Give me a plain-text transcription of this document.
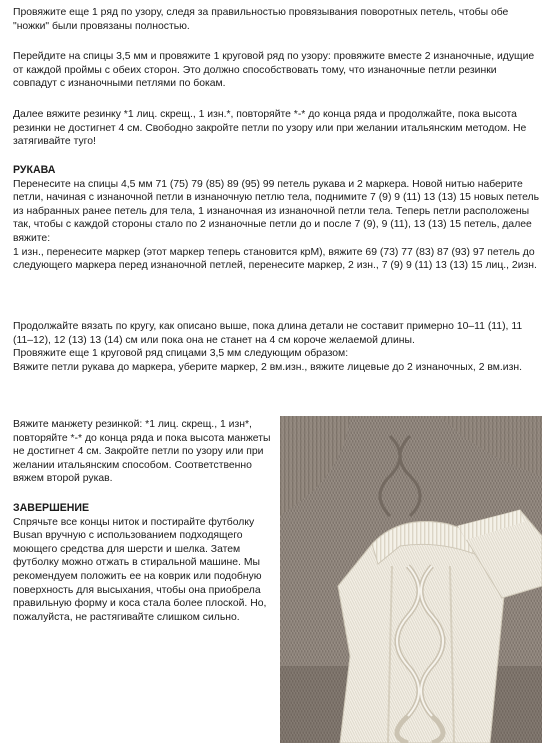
Провяжите еще 1 ряд по узору, следя за правильностью провязывания поворотных петель, чтобы обе "ножки" были провязаны полностью.

Перейдите на спицы 3,5 мм и провяжите 1 круговой ряд по узору: провяжите вместе 2 изнаночные, идущие от каждой проймы с обеих сторон. Это должно способствовать тому, что изнаночные петли резинки совпадут с изнаночными петлями по бокам.

Далее вяжите резинку *1 лиц. скрещ., 1 изн.*, повторяйте *-* до конца ряда и продолжайте, пока высота резинки не достигнет 4 см. Свободно закройте петли по узору или при желании итальянским методом. Не затягивайте туго!

РУКАВА

Перенесите на спицы 4,5 мм 71 (75) 79 (85) 89 (95) 99 петель рукава и 2 маркера. Новой нитью наберите петли, начиная с изнаночной петли в изнаночную петлю тела, поднимите 7 (9) 9 (11) 13 (13) 15 новых петель из набранных ранее петель для тела, 1 изнаночная из изнаночной петли тела. Теперь петли расположены так, чтобы с каждой стороны стало по 2 изнаночные петли до и после 7 (9), 9 (11), 13 (13) 15 петель, далее вяжите:

1 изн., перенесите маркер (этот маркер теперь становится крМ), вяжите 69 (73) 77 (83) 87 (93) 97 петель до следующего маркера перед изнаночной петлей, перенесите маркер, 2 изн., 7 (9) 9 (11) 13 (13) 15 лиц., 2изн.

Продолжайте вязать по кругу, как описано выше, пока длина детали не составит примерно 10–11 (11), 11 (11–12), 12 (13) 13 (14) см или пока она не станет на 4 см короче желаемой длины.

Провяжите еще 1 круговой ряд спицами 3,5 мм следующим образом:

Вяжите петли рукава до маркера, уберите маркер, 2 вм.изн., вяжите лицевые до 2 изнаночных, 2 вм.изн.

Вяжите манжету резинкой: *1 лиц. скрещ., 1 изн*, повторяйте *-* до конца ряда и пока высота манжеты не достигнет 4 см. Закройте петли по узору или при желании итальянским способом. Соответственно вяжем второй рукав.

ЗАВЕРШЕНИЕ

Спрячьте все концы ниток и постирайте футболку Busan вручную с использованием подходящего моющего средства для шерсти и шелка. Затем футболку можно отжать в стиральной машине. Мы рекомендуем положить ее на коврик или подобную поверхность для высыхания, чтобы она приобрела правильную форму и коса стала более плоской. Но, пожалуйста, не растягивайте слишком сильно.
